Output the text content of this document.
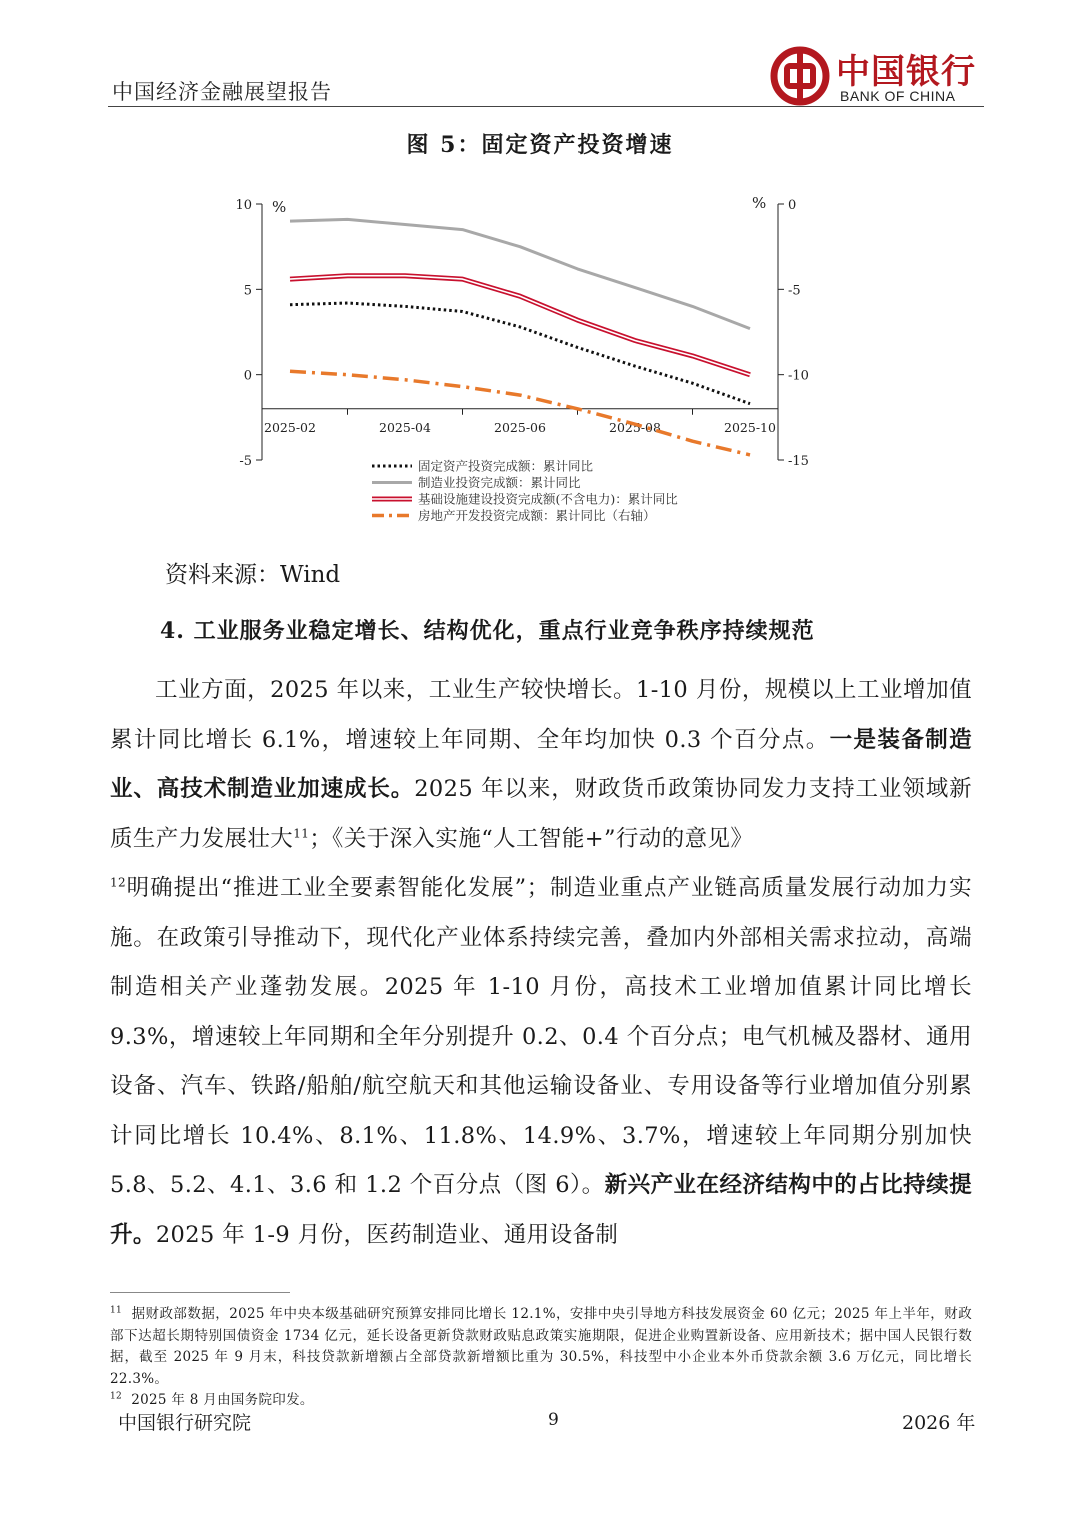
中国经济金融展望报告	中国银行
BANK OF CHINA
图 5：固定资产投资增速
10
5
0
-5
0
-5
-10
-15
%	%
2025-02	2025-04	2025-06	2025-08	2025-10
固定资产投资完成额：累计同比
制造业投资完成额：累计同比
基础设施建设投资完成额(不含电力)：累计同比
房地产开发投资完成额：累计同比（右轴）
资料来源：Wind
4. 工业服务业稳定增长、结构优化，重点行业竞争秩序持续规范
工业方面，2025 年以来，工业生产较快增长。1-10 月份，规模以上工业增加值累计同比增长 6.1%，增速较上年同期、全年均加快 0.3 个百分点。一是装备制造业、高技术制造业加速成长。2025 年以来，财政货币政策协同发力支持工业领域新质生产力发展壮大$^{11}$；《关于深入实施“人工智能+”行动的意见》
$^{12}$明确提出“推进工业全要素智能化发展”；制造业重点产业链高质量发展行动加力实施。在政策引导推动下，现代化产业体系持续完善，叠加内外部相关需求拉动，高端制造相关产业蓬勃发展。2025 年 1-10 月份，高技术工业增加值累计同比增长 9.3%，增速较上年同期和全年分别提升 0.2、0.4 个百分点；电气机械及器材、通用设备、汽车、铁路/船舶/航空航天和其他运输设备业、专用设备等行业增加值分别累计同比增长 10.4%、8.1%、11.8%、14.9%、3.7%，增速较上年同期分别加快 5.8、5.2、4.1、3.6 和 1.2 个百分点（图 6）。新兴产业在经济结构中的占比持续提升。2025 年 1-9 月份，医药制造业、通用设备制
$^{11}$ 据财政部数据，2025 年中央本级基础研究预算安排同比增长 12.1%，安排中央引导地方科技发展资金 60 亿元；2025 年上半年，财政部下达超长期特别国债资金 1734 亿元，延长设备更新贷款财政贴息政策实施期限，促进企业购置新设备、应用新技术；据中国人民银行数据，截至 2025 年 9 月末，科技贷款新增额占全部贷款新增额比重为 30.5%，科技型中小企业本外币贷款余额 3.6 万亿元，同比增长 22.3%。
$^{12}$ 2025 年 8 月由国务院印发。
中国银行研究院	9	2026 年
